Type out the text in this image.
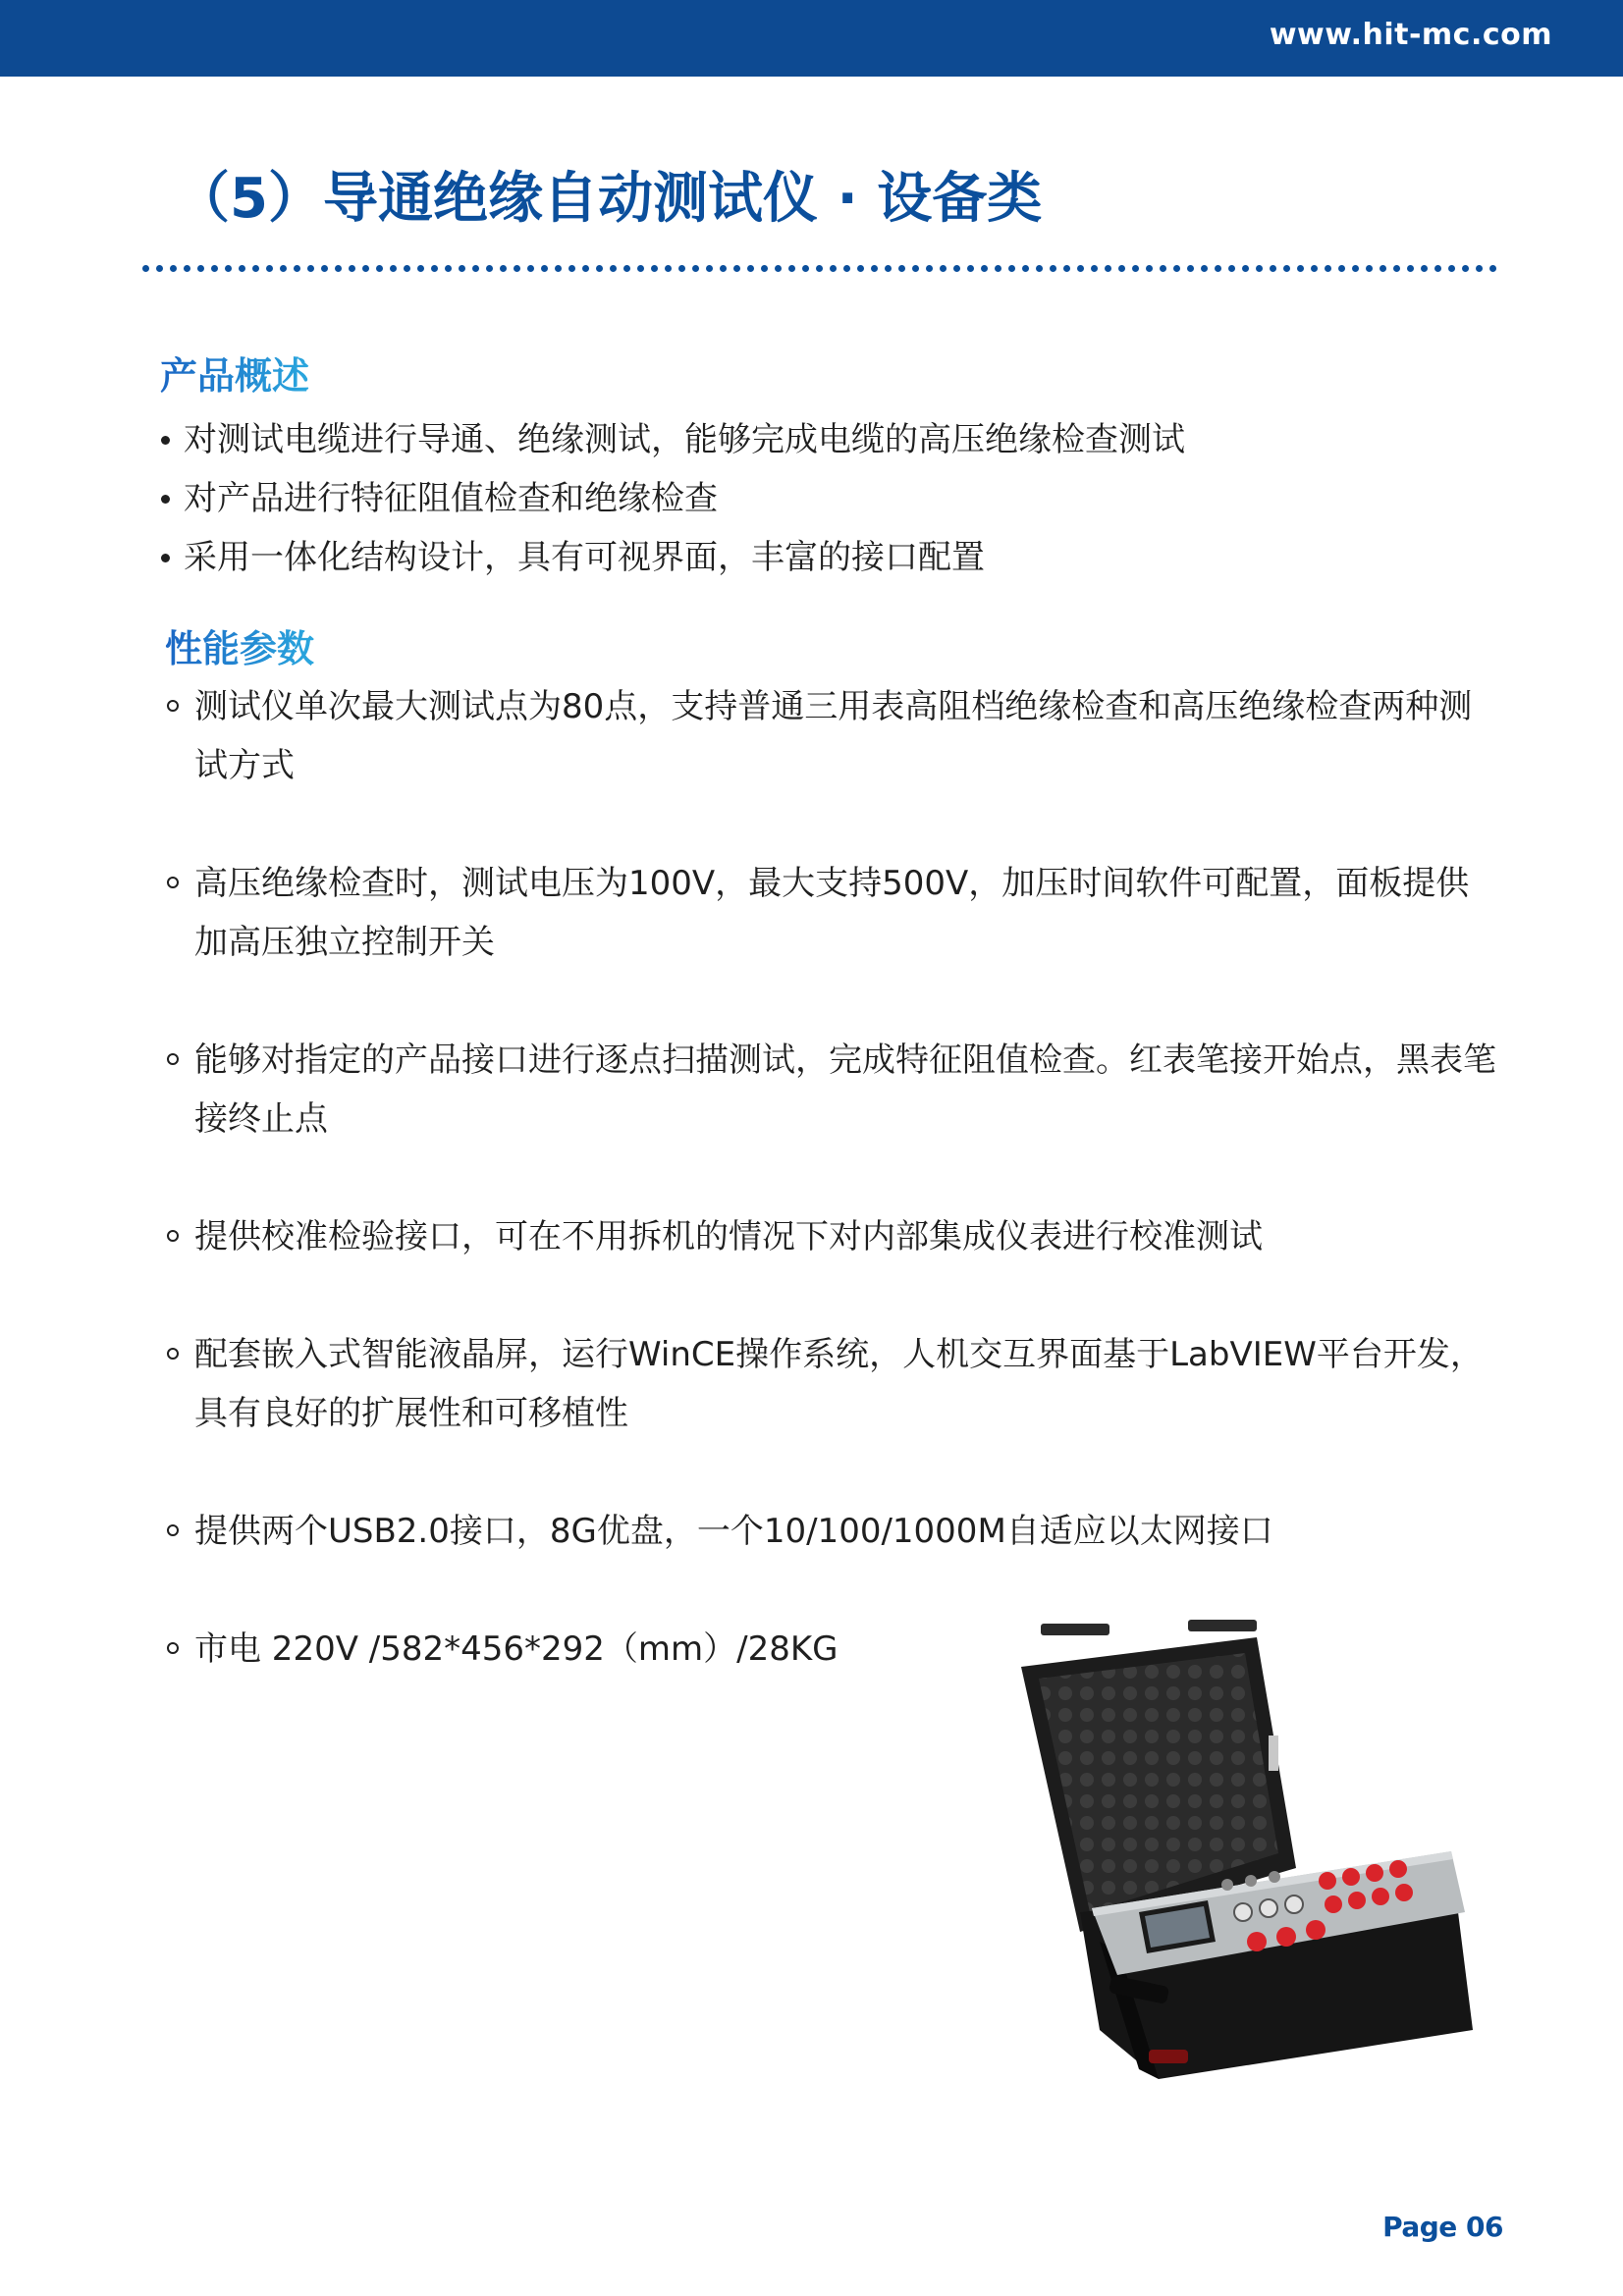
www.hit-mc.com
（5）导通绝缘自动测试仪 · 设备类
产品概述
对测试电缆进行导通、绝缘测试，能够完成电缆的高压绝缘检查测试
对产品进行特征阻值检查和绝缘检查
采用一体化结构设计，具有可视界面，丰富的接口配置
性能参数
测试仪单次最大测试点为80点，支持普通三用表高阻档绝缘检查和高压绝缘检查两种测试方式
高压绝缘检查时，测试电压为100V，最大支持500V，加压时间软件可配置，面板提供加高压独立控制开关
能够对指定的产品接口进行逐点扫描测试，完成特征阻值检查。红表笔接开始点，黑表笔接终止点
提供校准检验接口，可在不用拆机的情况下对内部集成仪表进行校准测试
配套嵌入式智能液晶屏，运行WinCE操作系统，人机交互界面基于LabVIEW平台开发，具有良好的扩展性和可移植性
提供两个USB2.0接口，8G优盘，一个10/100/1000M自适应以太网接口
市电 220V /582*456*292（mm）/28KG
Page 06
